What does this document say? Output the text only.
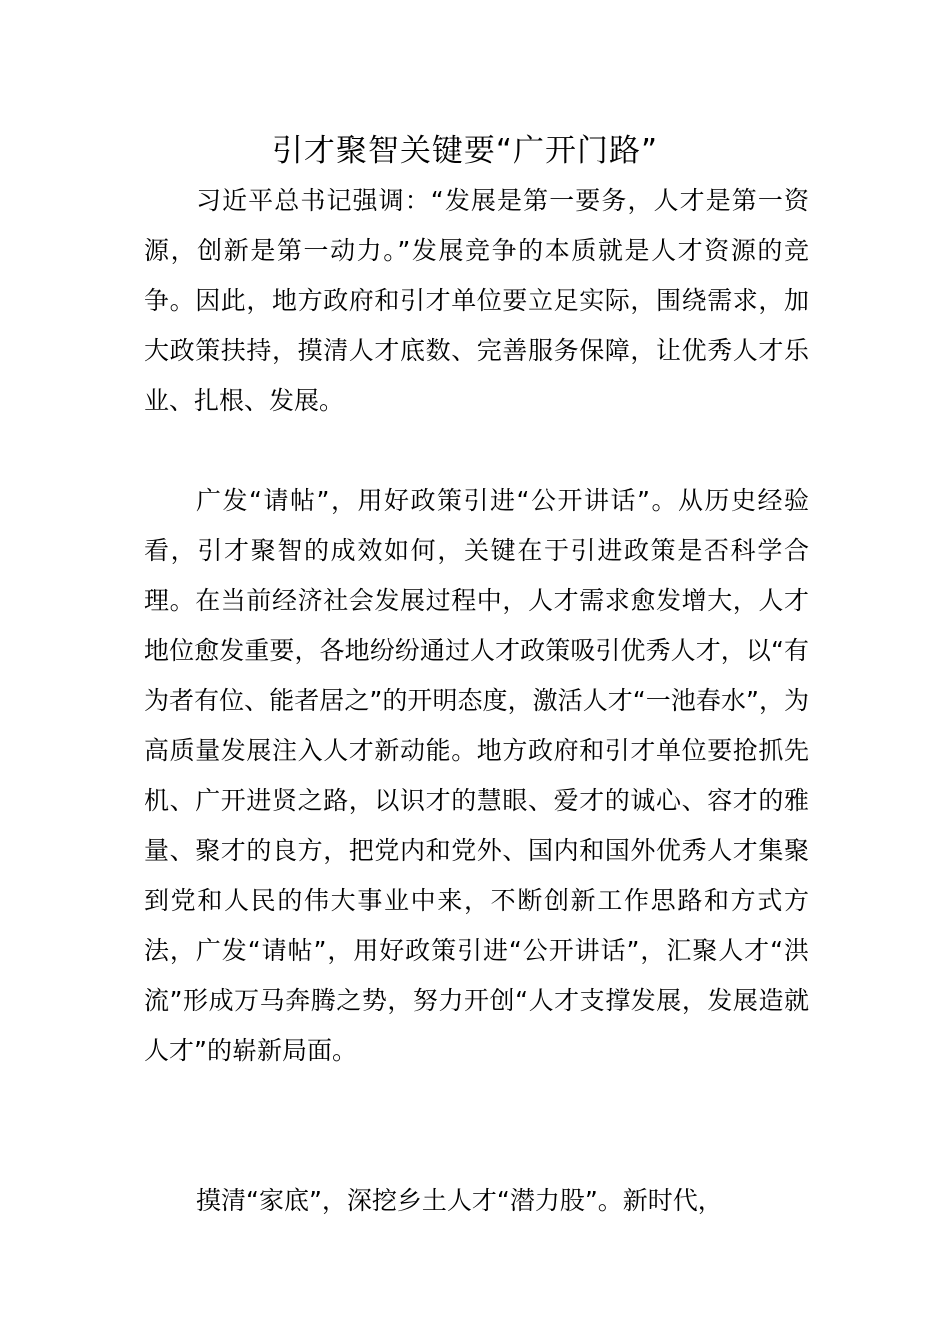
引才聚智关键要“广开门路”

习近平总书记强调：“发展是第一要务，人才是第一资源，创新是第一动力。”发展竞争的本质就是人才资源的竞争。因此，地方政府和引才单位要立足实际，围绕需求，加大政策扶持，摸清人才底数、完善服务保障，让优秀人才乐业、扎根、发展。

广发“请帖”，用好政策引进“公开讲话”。从历史经验看，引才聚智的成效如何，关键在于引进政策是否科学合理。在当前经济社会发展过程中，人才需求愈发增大，人才地位愈发重要，各地纷纷通过人才政策吸引优秀人才，以“有为者有位、能者居之”的开明态度，激活人才“一池春水”，为高质量发展注入人才新动能。地方政府和引才单位要抢抓先机、广开进贤之路，以识才的慧眼、爱才的诚心、容才的雅量、聚才的良方，把党内和党外、国内和国外优秀人才集聚到党和人民的伟大事业中来，不断创新工作思路和方式方法，广发“请帖”，用好政策引进“公开讲话”，汇聚人才“洪流”形成万马奔腾之势，努力开创“人才支撑发展，发展造就人才”的崭新局面。

摸清“家底”，深挖乡土人才“潜力股”。新时代，
